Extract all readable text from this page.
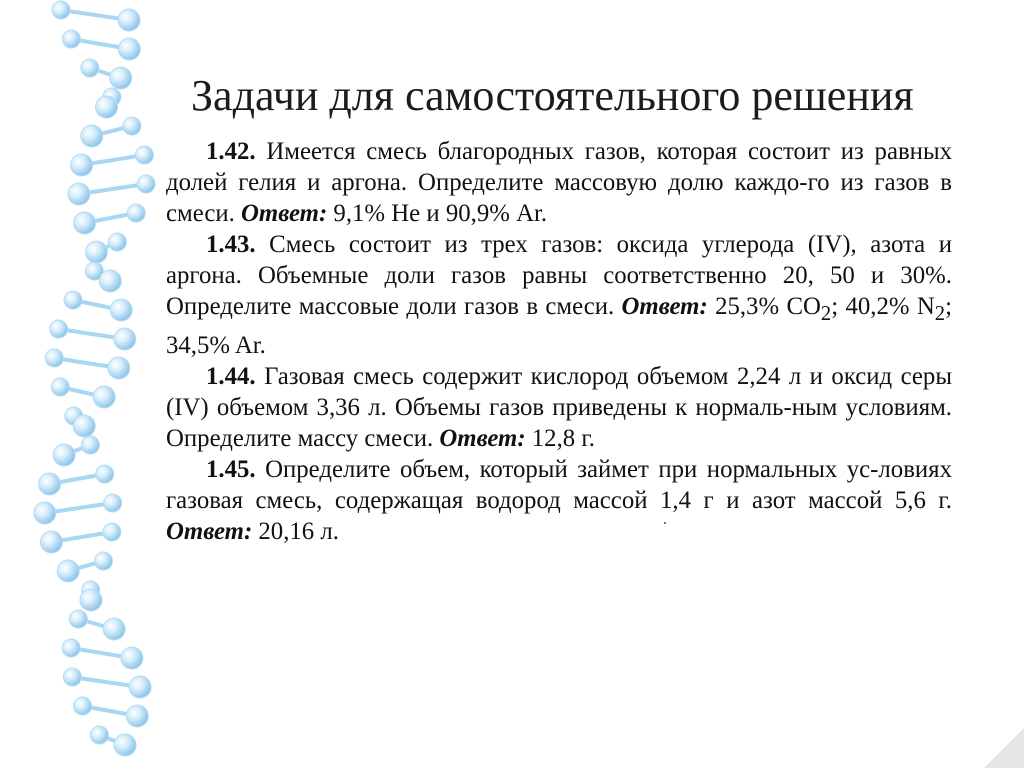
Задачи для самостоятельного решения

1.42. Имеется смесь благородных газов, которая состоит из равных долей гелия и аргона. Определите массовую долю каждо-го из газов в смеси. Ответ: 9,1% He и 90,9% Ar.

1.43. Смесь состоит из трех газов: оксида углерода (IV), азота и аргона. Объемные доли газов равны соответственно 20, 50 и 30%. Определите массовые доли газов в смеси. Ответ: 25,3% $CO_2$; 40,2% $N_2$; 34,5% Ar.

1.44. Газовая смесь содержит кислород объемом 2,24 л и оксид серы (IV) объемом 3,36 л. Объемы газов приведены к нормаль-ным условиям. Определите массу смеси. Ответ: 12,8 г.

1.45. Определите объем, который займет при нормальных ус-ловиях газовая смесь, содержащая водород массой 1,4 г и азот массой 5,6 г. Ответ: 20,16 л.
